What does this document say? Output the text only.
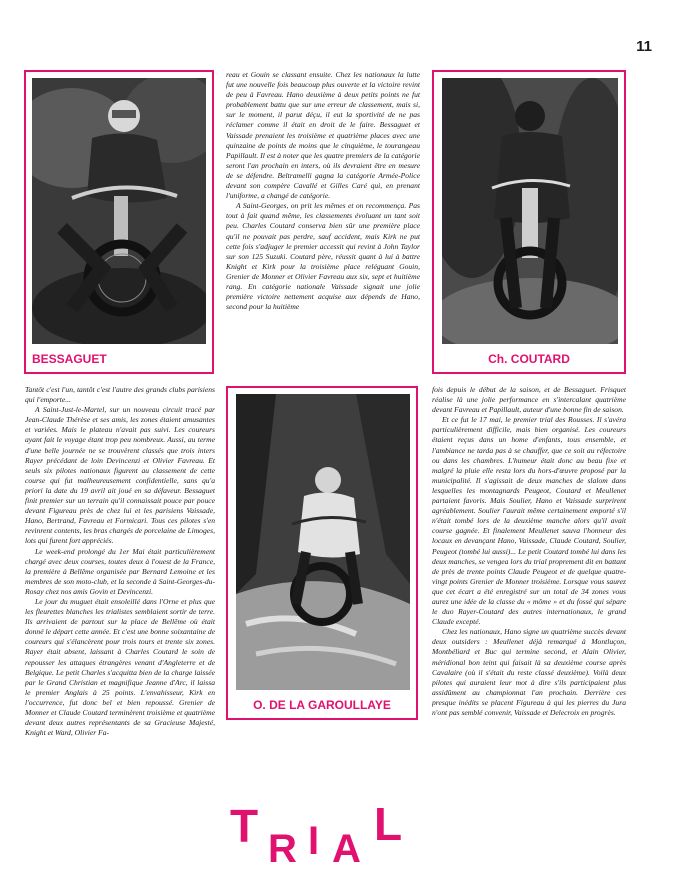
11
BESSAGUET	Ch. COUTARD
O. DE LA GAROULLAYE

Tantôt c'est l'un, tantôt c'est l'autre des grands clubs parisiens qui l'emporte...

A Saint-Just-le-Martel, sur un nouveau circuit tracé par Jean-Claude Thérèse et ses amis, les zones étaient amusantes et variées. Mais le plateau n'avait pas suivi. Les coureurs ayant fait le voyage étant trop peu nombreux. Aussi, au terme d'une belle journée ne se trouvèrent classés que trois inters Rayer précédant de loin Devincenzi et Olivier Favreau. Et seuls six pilotes nationaux figurent au classement de cette course qui fut malheureusement confidentielle, sans qu'a priori la date du 19 avril ait joué en sa défaveur. Bessaguet finit premier sur un terrain qu'il connaissait pouce par pouce devant Figureau près de chez lui et les parisiens Vaissade, Hano, Bertrand, Favreau et Formicari. Tous ces pilotes s'en revinrent contents, les bras chargés de porcelaine de Limoges, lots qui furent fort appréciés.

Le week-end prolongé du 1er Mai était particulièrement chargé avec deux courses, toutes deux à l'ouest de la France, la première à Bellême organisée par Bernard Lemoine et les membres de son moto-club, et la seconde à Saint-Georges-du-Rosay chez nos amis Govin et Devincenzi.

Le jour du muguet était ensoleillé dans l'Orne et plus que les fleurettes blanches les trialistes semblaient sortir de terre. Ils arrivaient de partout sur la place de Bellême où était donné le départ cette année. Et c'est une bonne soixantaine de coureurs qui s'élancèrent pour trois tours et trente six zones. Rayer était absent, laissant à Charles Coutard le soin de repousser les attaques étrangères venant d'Angleterre et de Belgique. Le petit Charles s'acquitta bien de la charge laissée par le Grand Christian et magnifique Jeanne d'Arc, il laissa le premier Anglais à 25 points. L'envahisseur, Kirk en l'occurrence, fut donc bel et bien repoussé. Grenier de Monner et Claude Coutard terminèrent troisième et quatrième devant deux autres représentants de sa Gracieuse Majesté, Knight et Ward, Olivier Fa-

reau et Gouin se classant ensuite. Chez les nationaux la lutte fut une nouvelle fois beaucoup plus ouverte et la victoire revint de peu à Favreau. Hano deuxième à deux petits points ne fut probablement battu que sur une erreur de classement, mais si, sur le moment, il parut déçu, il eut la sportivité de ne pas réclamer comme il était en droit de le faire. Bessaguet et Vaissade prenaient les troisième et quatrième places avec une quinzaine de points de moins que le cinquième, le tourangeau Papillault. Il est à noter que les quatre premiers de la catégorie seront l'an prochain en inters, où ils devraient être en mesure de se défendre. Beltramelli gagna la catégorie Armée-Police devant son compère Cavallé et Gilles Caré qui, en prenant l'uniforme, a changé de catégorie.

A Saint-Georges, on prit les mêmes et on recommença. Pas tout à fait quand même, les classements évoluant un tant soit peu. Charles Coutard conserva bien sûr une première place qu'il ne pouvait pas perdre, sauf accident, mais Kirk ne put cette fois s'adjuger le premier accessit qui revint à John Taylor sur son 125 Suzuki. Coutard père, réussit quant à lui à battre Knight et Kirk pour la troisième place reléguant Gouin, Grenier de Monner et Olivier Favreau aux six, sept et huitième rang. En catégorie nationale Vaissade signait une jolie première victoire nettement acquise aux dépends de Hano, second pour la huitième

fois depuis le début de la saison, et de Bessaguet. Frisquet réalise là une jolie performance en s'intercalant quatrième devant Favreau et Papillault, auteur d'une bonne fin de saison.

Et ce fut le 17 mai, le premier trial des Rousses. Il s'avéra particulièrement difficile, mais bien organisé. Les coureurs étaient reçus dans un home d'enfants, tous ensemble, et l'ambiance ne tarda pas à se chauffer, que ce soit au réfectoire ou dans les chambres. L'humeur était donc au beau fixe et malgré la pluie elle resta lors du hors-d'œuvre proposé par la municipalité. Il s'agissait de deux manches de slalom dans lesquelles les montagnards Peugeot, Coutard et Meullenet partaient favoris. Mais Soulier, Hano et Vaissade surprirent agréablement. Soulier l'aurait même certainement emporté s'il n'était tombé lors de la deuxième manche alors qu'il avait course gagnée. Et finalement Meullenet sauva l'honneur des locaux en devançant Hano, Vaissade, Claude Coutard, Soulier, Peugeot (tombé lui aussi)... Le petit Coutard tombé lui dans les deux manches, se vengea lors du trial proprement dit en battant de près de trente points Claude Peugeot et de quelque quatre-vingt points Grenier de Monner troisième. Lorsque vous saurez que cet écart a été enregistré sur un total de 34 zones vous aurez une idée de la classe du « môme » et du fossé qui sépare le duo Rayer-Coutard des autres internationaux, le grand Claude excepté.

Chez les nationaux, Hano signe un quatrième succès devant deux outsiders : Meullenet déjà remarqué à Montluçon, Montbéliard et Buc qui termine second, et Alain Olivier, méridional bon teint qui faisait là sa deuxième course après Cavalaire (où il s'était du reste classé deuxième). Voilà deux pilotes qui auraient leur mot à dire s'ils participaient plus assidûment au championnat l'an prochain. Derrière ces presque inédits se placent Figureau à qui les pierres du Jura n'ont pas semblé convenir, Vaissade et Delecroix en progrès.

T R I A L
